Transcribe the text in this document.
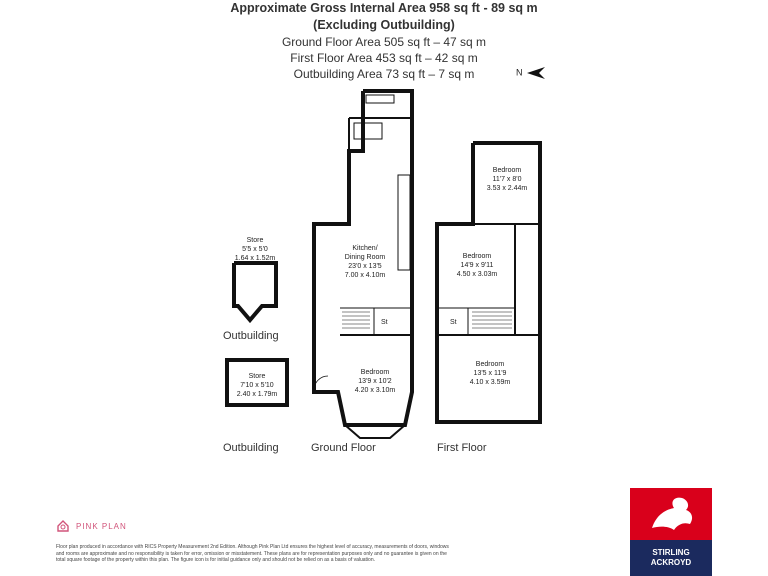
Approximate Gross Internal Area 958 sq ft - 89 sq m
(Excluding Outbuilding)
Ground Floor Area 505 sq ft – 47 sq m
First Floor Area 453 sq ft – 42 sq m
Outbuilding Area 73 sq ft – 7 sq m	N
Store
5'5 x 5'0
1.64 x 1.52m
Store
7'10 x 5'10
2.40 x 1.79m
Kitchen/
Dining Room
23'0 x 13'5
7.00 x 4.10m
Bedroom
13'9 x 10'2
4.20 x 3.10m
Bedroom
11'7 x 8'0
3.53 x 2.44m
Bedroom
14'9 x 9'11
4.50 x 3.03m
Bedroom
13'5 x 11'9
4.10 x 3.59m
St	St
Outbuilding
Outbuilding	Ground Floor	First Floor
PINK PLAN
Floor plan produced in accordance with RICS Property Measurement 2nd Edition. Although Pink Plan Ltd ensures the highest level of accuracy, measurements of doors, windows and rooms are approximate and no responsibility is taken for error, omission or misstatement. These plans are for representation purposes only and no guarantee is given on the total square footage of the property within this plan. The figure icon is for initial guidance only and should not be relied on as a basis of valuation.
STIRLING
ACKROYD
